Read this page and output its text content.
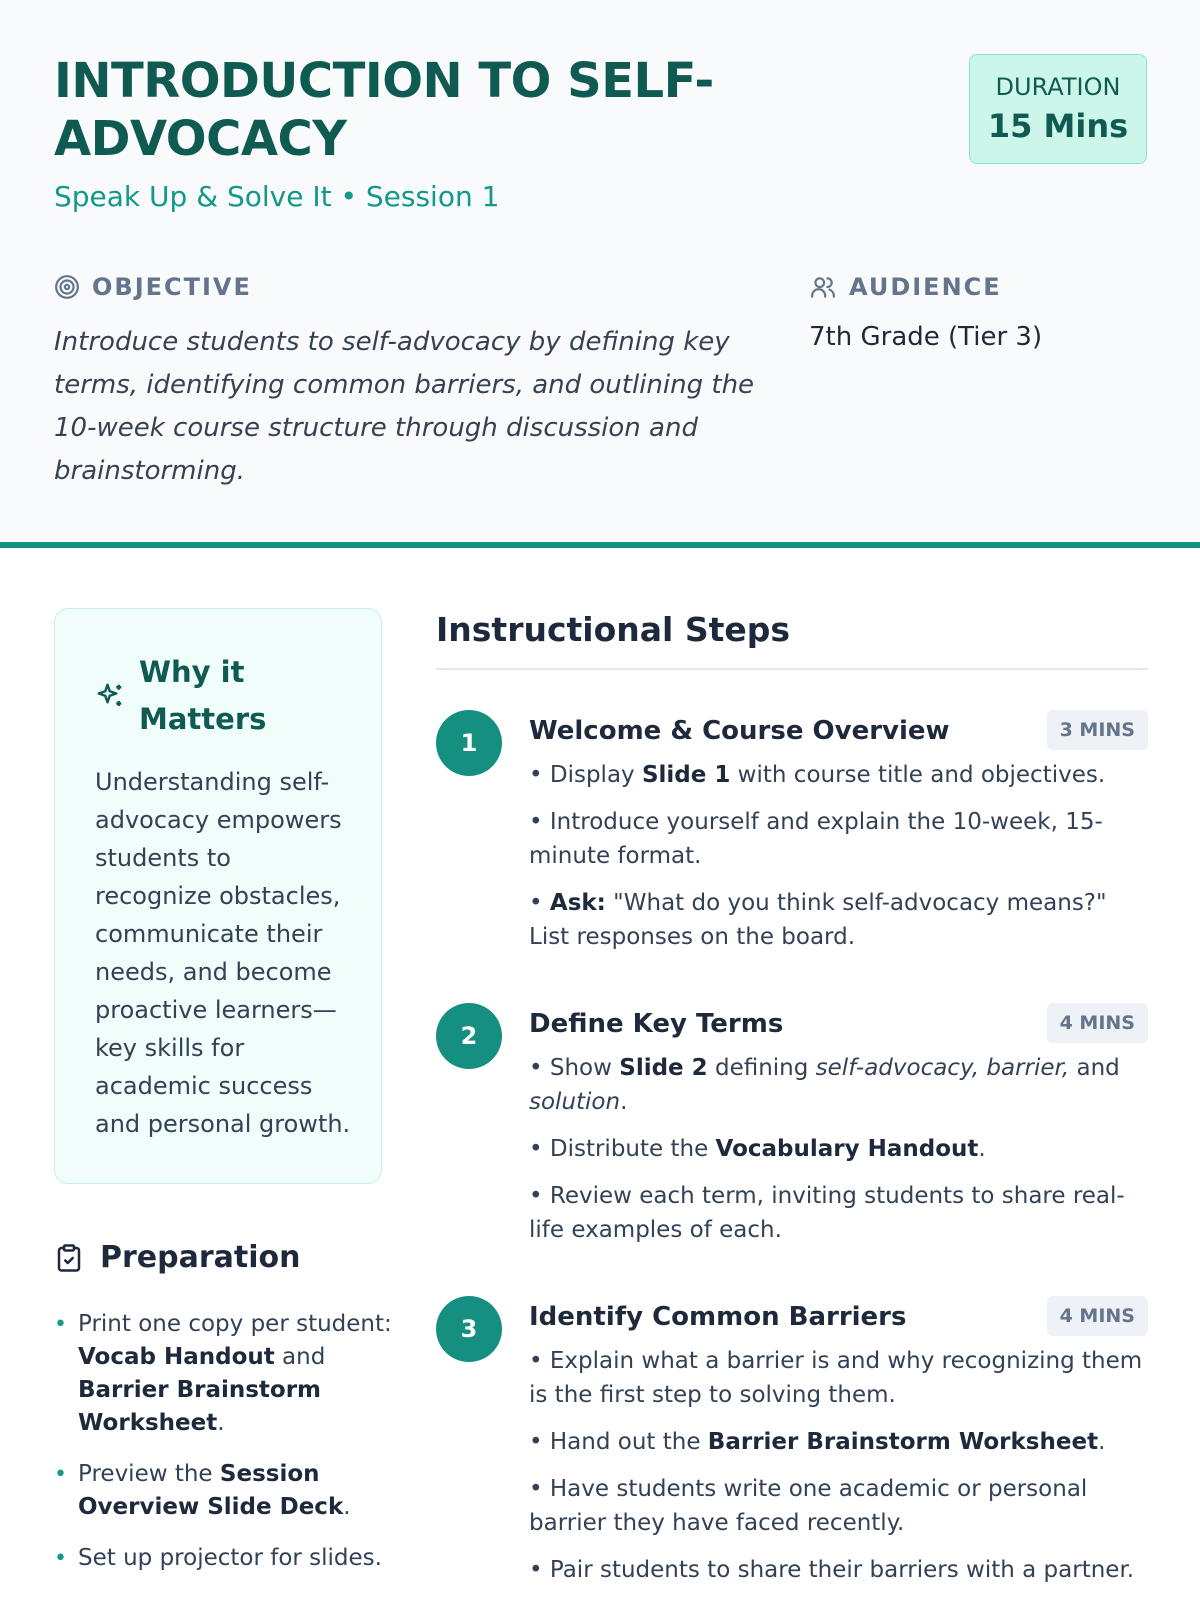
INTRODUCTION TO SELF-ADVOCACY
Speak Up & Solve It • Session 1
DURATION
15 Mins
OBJECTIVE

Introduce students to self-advocacy by defining key terms, identifying common barriers, and outlining the 10-week course structure through discussion and brainstorming.

AUDIENCE
7th Grade (Tier 3)
Why it Matters

Understanding self-advocacy empowers students to recognize obstacles, communicate their needs, and become proactive learners—key skills for academic success and personal growth.

Preparation
• Print one copy per student: Vocab Handout and Barrier Brainstorm Worksheet.
• Preview the Session Overview Slide Deck.
• Set up projector for slides.
Instructional Steps
1	Welcome & Course Overview	3 MINS

• Display Slide 1 with course title and objectives.

• Introduce yourself and explain the 10-week, 15-minute format.

• Ask: "What do you think self-advocacy means?" List responses on the board.

2	Define Key Terms	4 MINS

• Show Slide 2 defining self-advocacy, barrier, and solution.

• Distribute the Vocabulary Handout.

• Review each term, inviting students to share real-life examples of each.

3	Identify Common Barriers	4 MINS

• Explain what a barrier is and why recognizing them is the first step to solving them.

• Hand out the Barrier Brainstorm Worksheet.

• Have students write one academic or personal barrier they have faced recently.

• Pair students to share their barriers with a partner.
